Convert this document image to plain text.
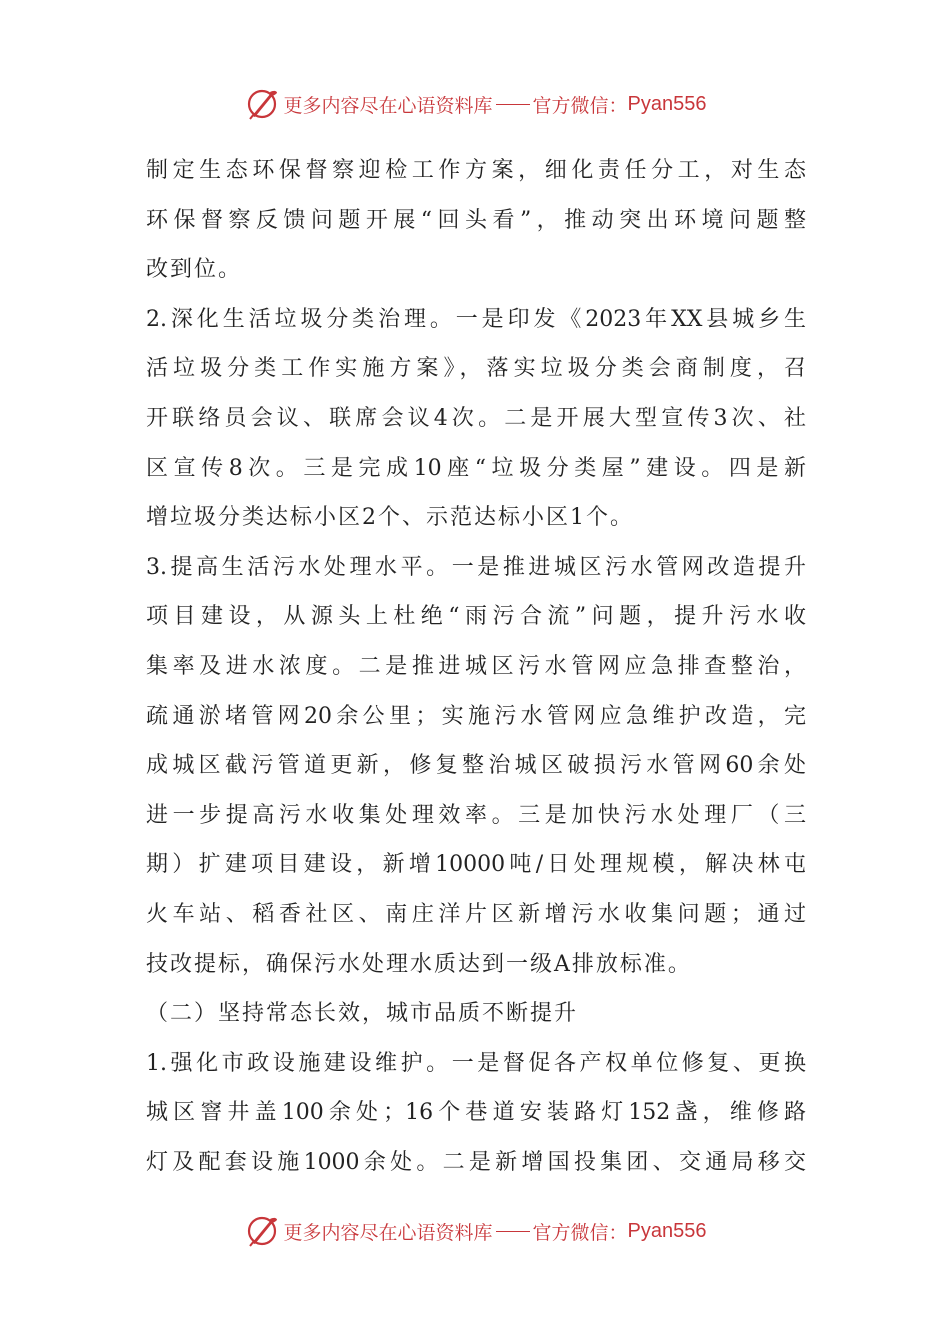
更多内容尽在心语资料库 官方微信： Pyan556
制定生态环保督察迎检工作方案，细化责任分工，对生态
环保督察反馈问题开展“回头看”，推动突出环境问题整
改到位。
2.深化生活垃圾分类治理。一是印发《2023年XX县城乡生
活垃圾分类工作实施方案》，落实垃圾分类会商制度，召
开联络员会议、联席会议4次。二是开展大型宣传3次、社
区宣传8次。三是完成10座“垃圾分类屋”建设。四是新
增垃圾分类达标小区2个、示范达标小区1个。
3.提高生活污水处理水平。一是推进城区污水管网改造提升
项目建设，从源头上杜绝“雨污合流”问题，提升污水收
集率及进水浓度。二是推进城区污水管网应急排查整治，
疏通淤堵管网20余公里；实施污水管网应急维护改造，完
成城区截污管道更新，修复整治城区破损污水管网60余处
进一步提高污水收集处理效率。三是加快污水处理厂（三
期）扩建项目建设，新增10000吨/日处理规模，解决林屯
火车站、稻香社区、南庄洋片区新增污水收集问题；通过
技改提标，确保污水处理水质达到一级A排放标准。
（二）坚持常态长效，城市品质不断提升
1.强化市政设施建设维护。一是督促各产权单位修复、更换
城区窨井盖100余处；16个巷道安装路灯152盏，维修路
灯及配套设施1000余处。二是新增国投集团、交通局移交
更多内容尽在心语资料库 官方微信： Pyan556
